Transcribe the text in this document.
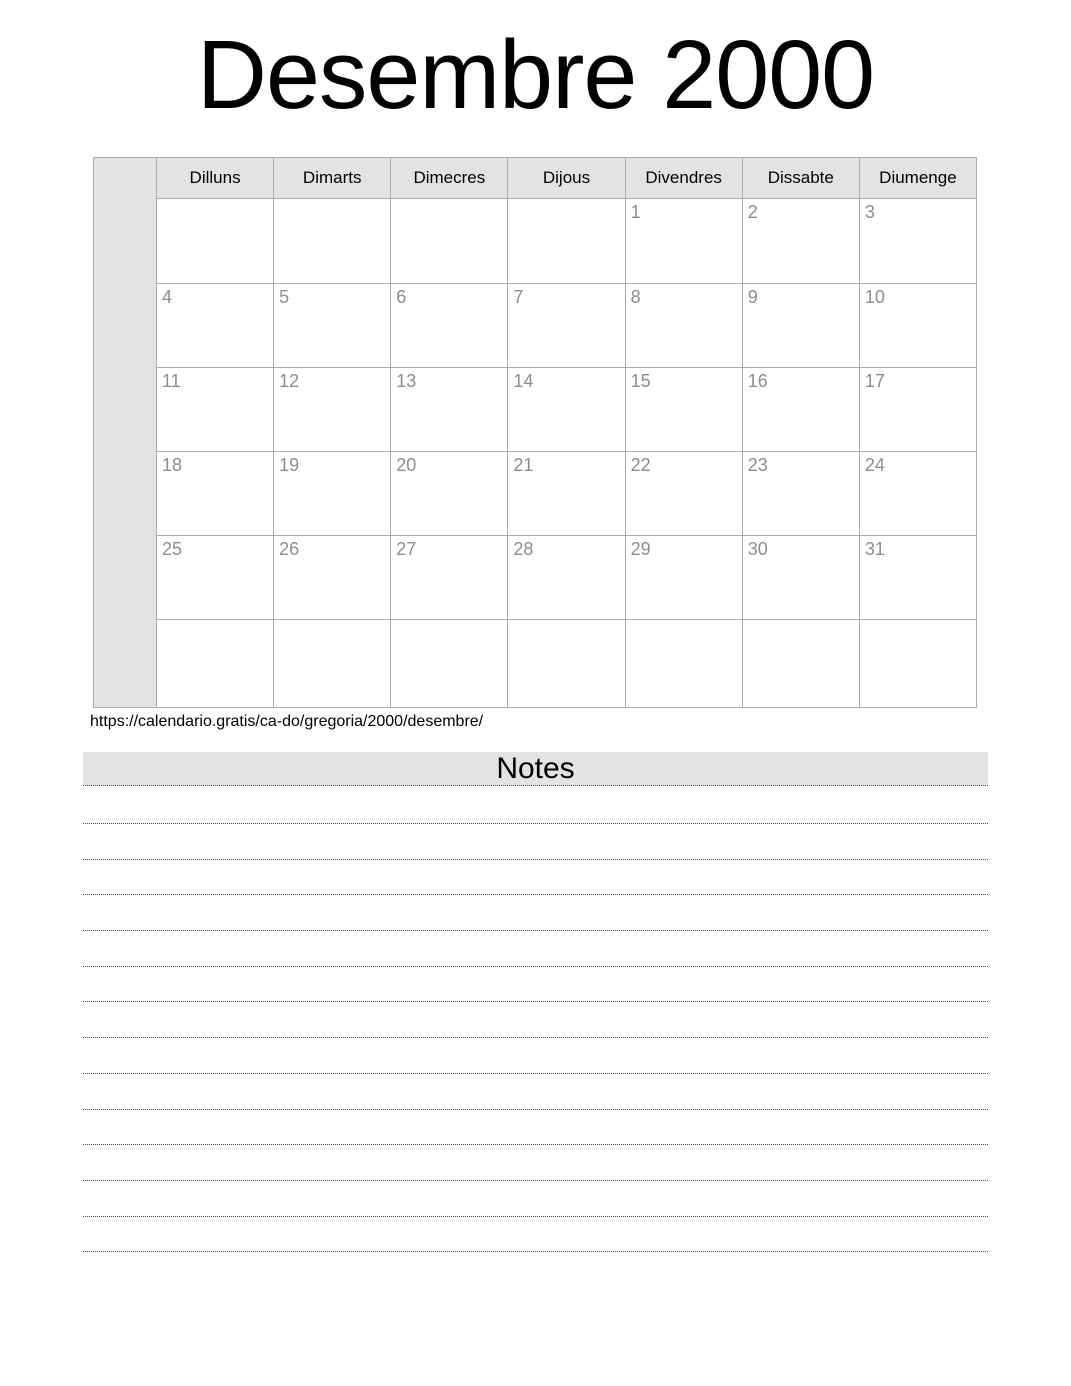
Desembre 2000
	Dilluns	Dimarts	Dimecres	Dijous	Divendres	Dissabte	Diumenge
					1	2	3
	4	5	6	7	8	9	10
	11	12	13	14	15	16	17
	18	19	20	21	22	23	24
	25	26	27	28	29	30	31

https://calendario.gratis/ca-do/gregoria/2000/desembre/

Notes
